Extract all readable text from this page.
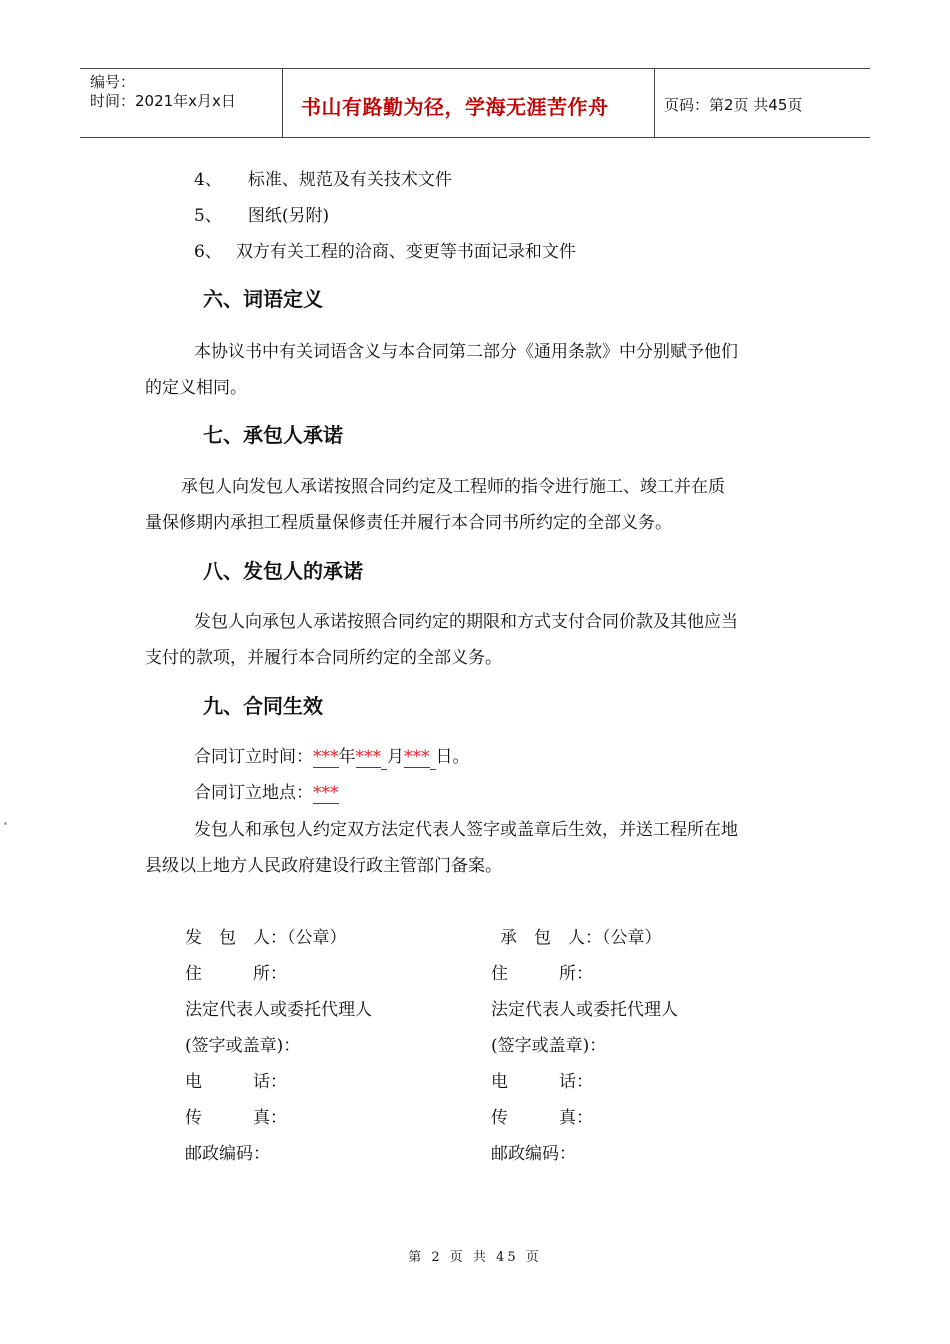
编号：
时间：2021年x月x日	书山有路勤为径，学海无涯苦作舟	页码：第2页 共45页
4、 标准、规范及有关技术文件
5、 图纸(另附)
6、 双方有关工程的洽商、变更等书面记录和文件
六、词语定义
本协议书中有关词语含义与本合同第二部分《通用条款》中分别赋予他们
的定义相同。
七、承包人承诺
承包人向发包人承诺按照合同约定及工程师的指令进行施工、竣工并在质
量保修期内承担工程质量保修责任并履行本合同书所约定的全部义务。
八、发包人的承诺
发包人向承包人承诺按照合同约定的期限和方式支付合同价款及其他应当
支付的款项，并履行本合同所约定的全部义务。
九、合同生效
合同订立时间：***年*** 月*** 日。
合同订立地点：***
发包人和承包人约定双方法定代表人签字或盖章后生效，并送工程所在地
县级以上地方人民政府建设行政主管部门备案。
发　包　人：（公章）
住　　　所：
法定代表人或委托代理人
(签字或盖章)：
电　　　话：
传　　　真：
邮政编码：
承　包　人：（公章）
住　　　所：
法定代表人或委托代理人
(签字或盖章)：
电　　　话：
传　　　真：
邮政编码：
第 2 页 共 45 页
